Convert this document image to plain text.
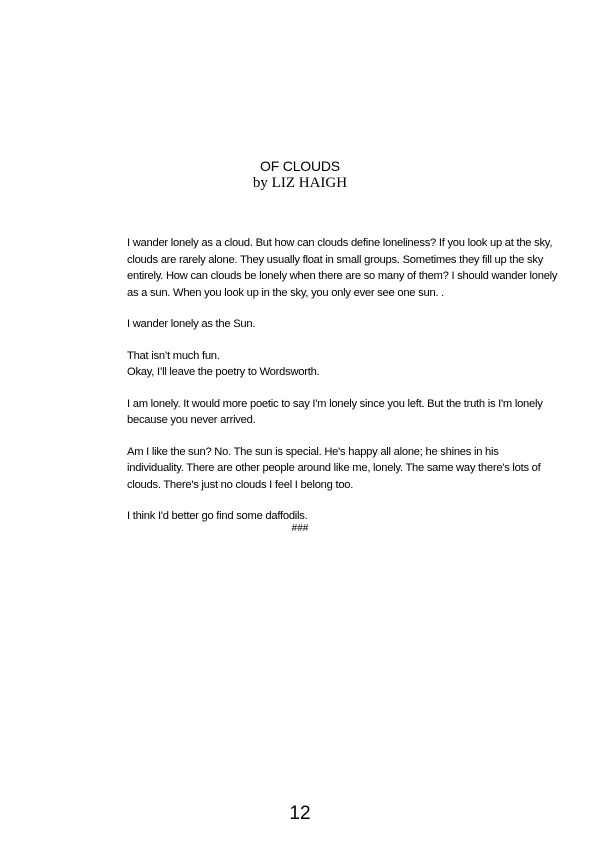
OF CLOUDS
by LIZ HAIGH

I wander lonely as a cloud. But how can clouds define loneliness? If you look up at the sky,
clouds are rarely alone. They usually float in small groups. Sometimes they fill up the sky
entirely. How can clouds be lonely when there are so many of them? I should wander lonely
as a sun. When you look up in the sky, you only ever see one sun. .

I wander lonely as the Sun.

That isn’t much fun.
Okay, I’ll leave the poetry to Wordsworth.

I am lonely. It would more poetic to say I'm lonely since you left. But the truth is I'm lonely
because you never arrived.

Am I like the sun? No. The sun is special. He's happy all alone; he shines in his
individuality. There are other people around like me, lonely. The same way there's lots of
clouds. There's just no clouds I feel I belong too.

I think I'd better go find some daffodils.

###
12
